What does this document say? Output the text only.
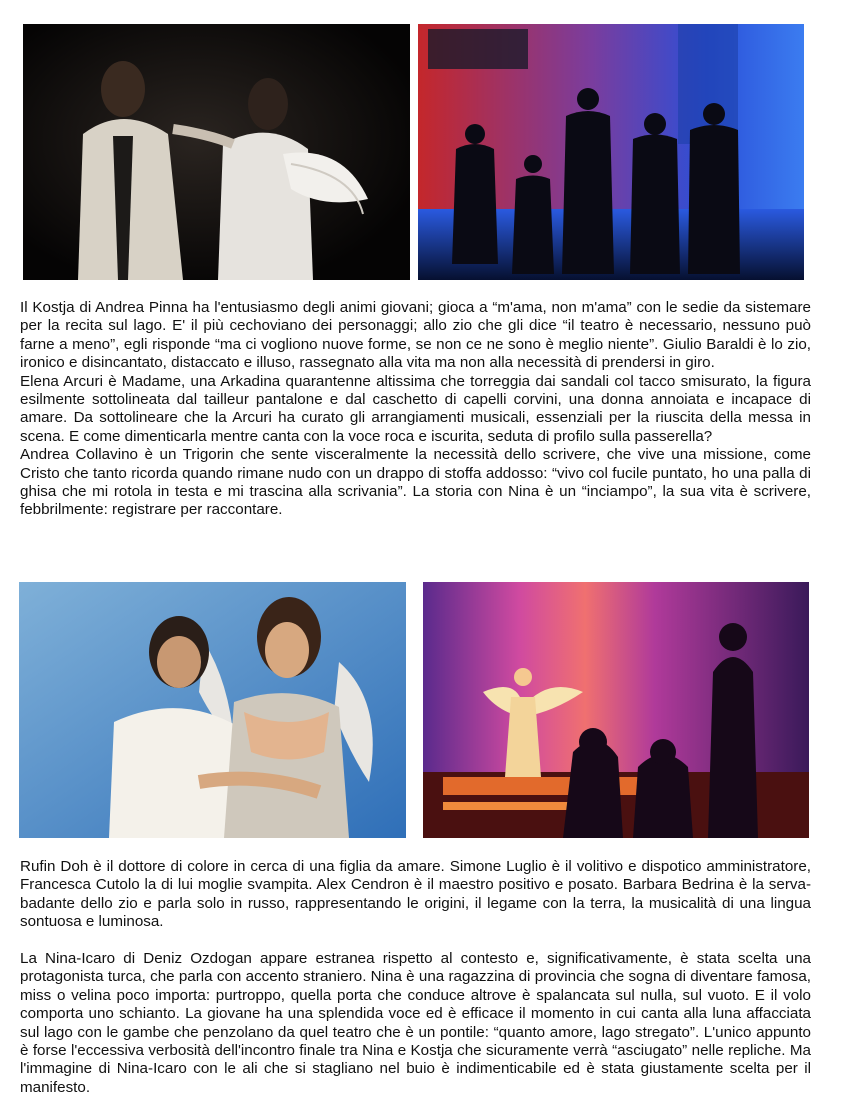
Il Kostja di Andrea Pinna ha l'entusiasmo degli animi giovani; gioca a “m'ama, non m'ama” con le sedie da sistemare per la recita sul lago. E' il più cechoviano dei personaggi; allo zio che gli dice “il teatro è necessario, nessuno può farne a meno”, egli risponde “ma ci vogliono nuove forme, se non ce ne sono è meglio niente”. Giulio Baraldi è lo zio, ironico e disincantato, distaccato e illuso, rassegnato alla vita ma non alla necessità di prendersi in giro.

Elena Arcuri è Madame, una Arkadina quarantenne altissima che torreggia dai sandali col tacco smisurato, la figura esilmente sottolineata dal tailleur pantalone e dal caschetto di capelli corvini, una donna annoiata e incapace di amare. Da sottolineare che la Arcuri ha curato gli arrangiamenti musicali, essenziali per la riuscita della messa in scena. E come dimenticarla mentre canta con la voce roca e iscurita, seduta di profilo sulla passerella?

Andrea Collavino è un Trigorin che sente visceralmente la necessità dello scrivere, che vive una missione, come Cristo che tanto ricorda quando rimane nudo con un drappo di stoffa addosso: “vivo col fucile puntato, ho una palla di ghisa che mi rotola in testa e mi trascina alla scrivania”. La storia con Nina è un “inciampo”, la sua vita è scrivere, febbrilmente: registrare per raccontare.

Rufin Doh è il dottore di colore in cerca di una figlia da amare. Simone Luglio è il volitivo e dispotico amministratore, Francesca Cutolo la di lui moglie svampita. Alex Cendron è il maestro positivo e posato. Barbara Bedrina è la serva-badante dello zio e parla solo in russo, rappresentando le origini, il legame con la terra, la musicalità di una lingua sontuosa e luminosa.

La Nina-Icaro di Deniz Ozdogan appare estranea rispetto al contesto e, significativamente, è stata scelta una protagonista turca, che parla con accento straniero. Nina è una ragazzina di provincia che sogna di diventare famosa, miss o velina poco importa: purtroppo, quella porta che conduce altrove è spalancata sul nulla, sul vuoto. E il volo comporta uno schianto. La giovane ha una splendida voce ed è efficace il momento in cui canta alla luna affacciata sul lago con le gambe che penzolano da quel teatro che è un pontile: “quanto amore, lago stregato”. L'unico appunto è forse l'eccessiva verbosità dell'incontro finale tra Nina e Kostja che sicuramente verrà “asciugato” nelle repliche. Ma l'immagine di Nina-Icaro con le ali che si stagliano nel buio è indimenticabile ed è stata giustamente scelta per il manifesto.
